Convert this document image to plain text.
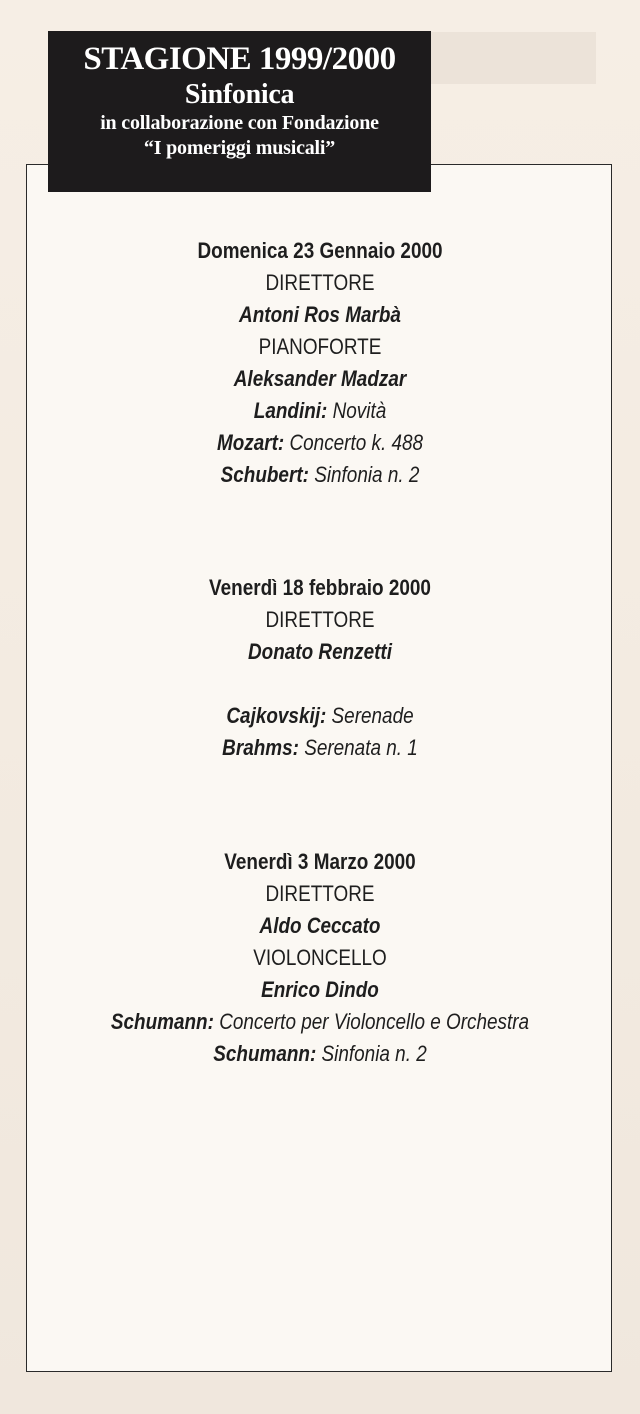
STAGIONE 1999/2000
Sinfonica
in collaborazione con Fondazione
“I pomeriggi musicali”
Domenica 23 Gennaio 2000
DIRETTORE
Antoni Ros Marbà
PIANOFORTE
Aleksander Madzar
Landini: Novità
Mozart: Concerto k. 488
Schubert: Sinfonia n. 2
Venerdì 18 febbraio 2000
DIRETTORE
Donato Renzetti
Cajkovskij: Serenade
Brahms: Serenata n. 1
Venerdì 3 Marzo 2000
DIRETTORE
Aldo Ceccato
VIOLONCELLO
Enrico Dindo
Schumann: Concerto per Violoncello e Orchestra
Schumann: Sinfonia n. 2
